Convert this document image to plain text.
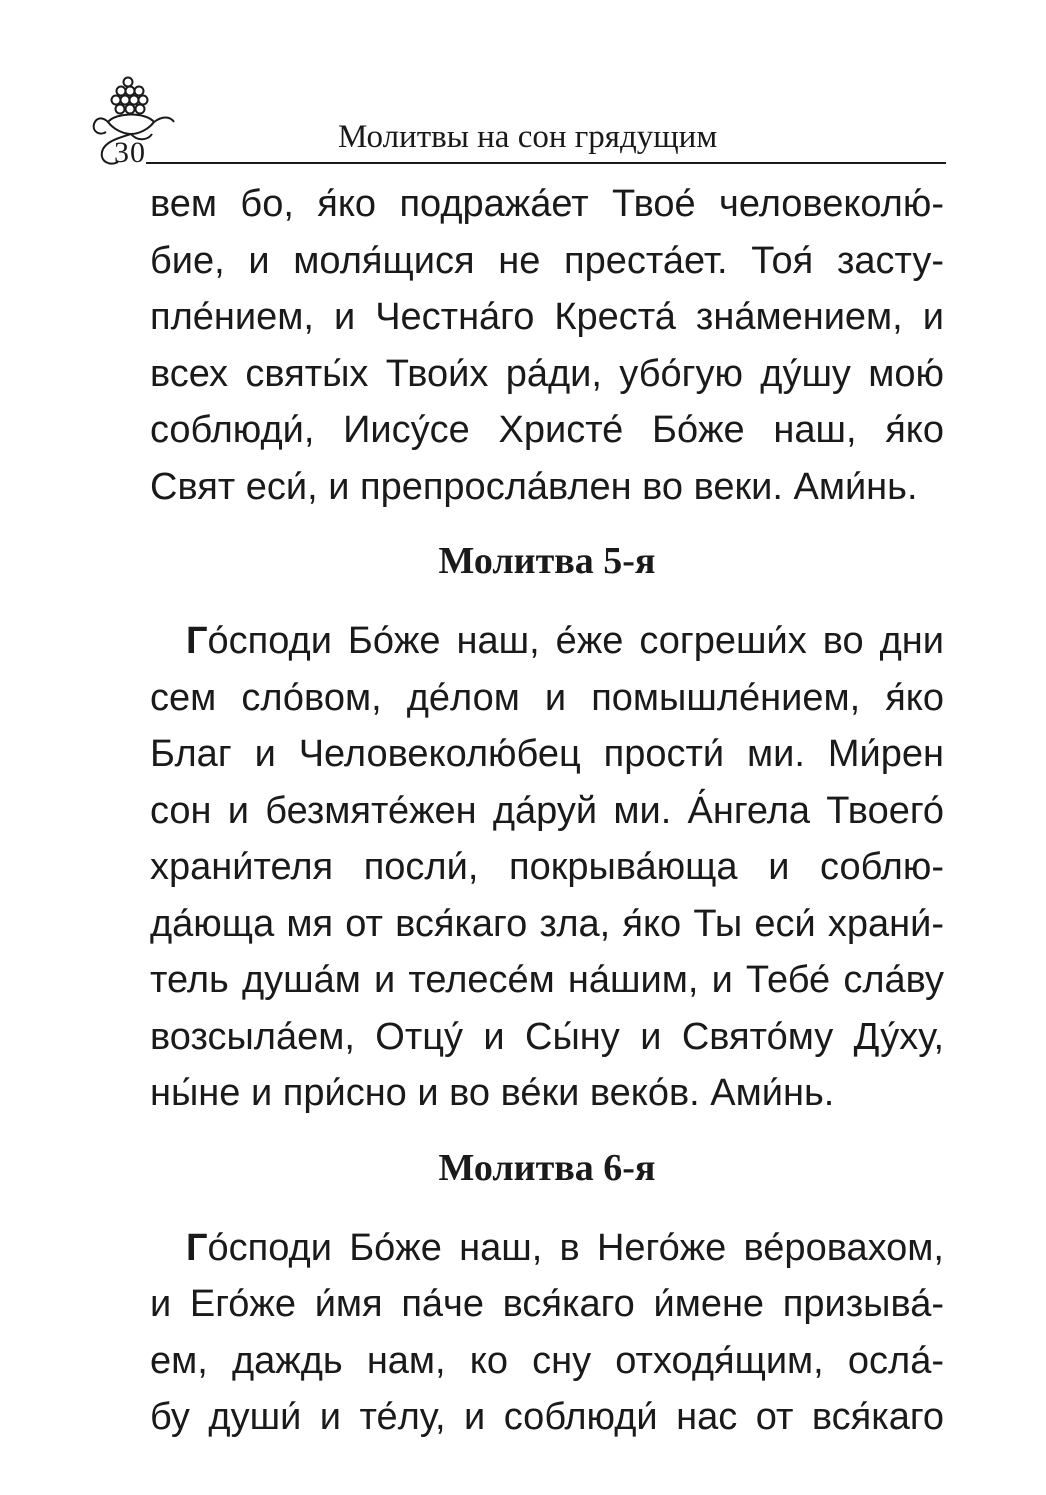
30	Молитвы на сон грядущим
вем бо, я́ко подража́ет Твое́ человеколю́-
бие, и моля́щися не преста́ет. Тоя́ засту-
пле́нием, и Честна́го Креста́ зна́мением, и
всех святы́х Твои́х ра́ди, убо́гую ду́шу мою́
соблюди́, Иису́се Христе́ Бо́же наш, я́ко
Свят еси́, и препросла́влен во веки. Ами́нь.
Молитва 5-я
Го́споди Бо́же наш, е́же согреши́х во дни
сем сло́вом, де́лом и помышле́нием, я́ко
Благ и Человеколю́бец прости́ ми. Ми́рен
сон и безмяте́жен да́руй ми. А́нгела Твоего́
храни́теля посли́, покрыва́юща и соблю-
да́юща мя от вся́каго зла, я́ко Ты еси́ храни́-
тель душа́м и телесе́м на́шим, и Тебе́ сла́ву
возсыла́ем, Отцу́ и Сы́ну и Свято́му Ду́ху,
ны́не и при́сно и во ве́ки веко́в. Ами́нь.
Молитва 6-я
Го́споди Бо́же наш, в Него́же ве́ровахом,
и Его́же и́мя па́че вся́каго и́мене призыва́-
ем, даждь нам, ко сну отходя́щим, осла́-
бу души́ и те́лу, и соблюди́ нас от вся́каго
